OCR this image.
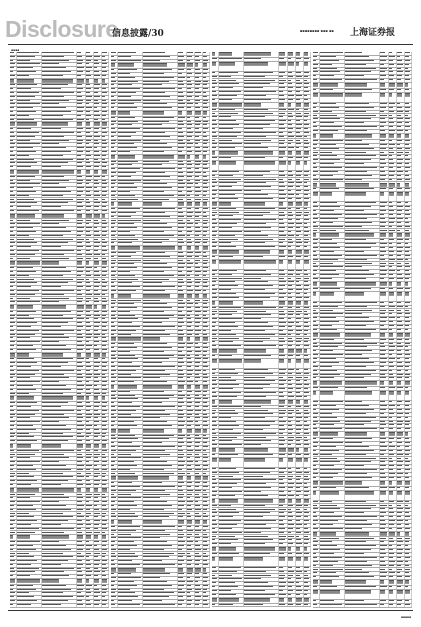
Disclosure
信息披露/30	▪▪▪▪▪▪▪▪ ▪▪▪ ▪▪ 上海证券报
▪▪▪▪
▪▪▪▪▪
